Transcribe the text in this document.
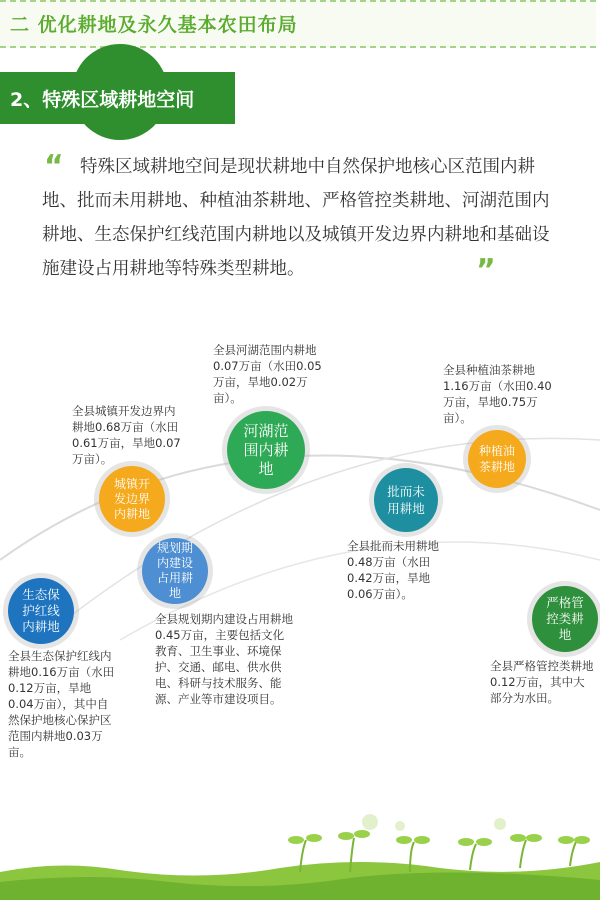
二 优化耕地及永久基本农田布局
2、特殊区域耕地空间
“ 特殊区域耕地空间是现状耕地中自然保护地核心区范围内耕地、批而未用耕地、种植油茶耕地、严格管控类耕地、河湖范围内耕地、生态保护红线范围内耕地以及城镇开发边界内耕地和基础设施建设占用耕地等特殊类型耕地。	”
生态保
护红线
内耕地
城镇开
发边界
内耕地
规划期
内建设
占用耕
地
河湖范
围内耕
地
批而未
用耕地
种植油
茶耕地
严格管
控类耕
地
全县生态保护红线内耕地0.16万亩（水田0.12万亩，旱地0.04万亩），其中自然保护地核心保护区范围内耕地0.03万亩。
全县城镇开发边界内耕地0.68万亩（水田0.61万亩，旱地0.07万亩）。
全县规划期内建设占用耕地0.45万亩，主要包括文化教育、卫生事业、环境保护、交通、邮电、供水供电、科研与技术服务、能源、产业等市建设项目。
全县河湖范围内耕地0.07万亩（水田0.05万亩，旱地0.02万亩）。
全县批而未用耕地0.48万亩（水田0.42万亩，旱地0.06万亩）。
全县种植油茶耕地1.16万亩（水田0.40万亩，旱地0.75万亩）。
全县严格管控类耕地0.12万亩，其中大部分为水田。
